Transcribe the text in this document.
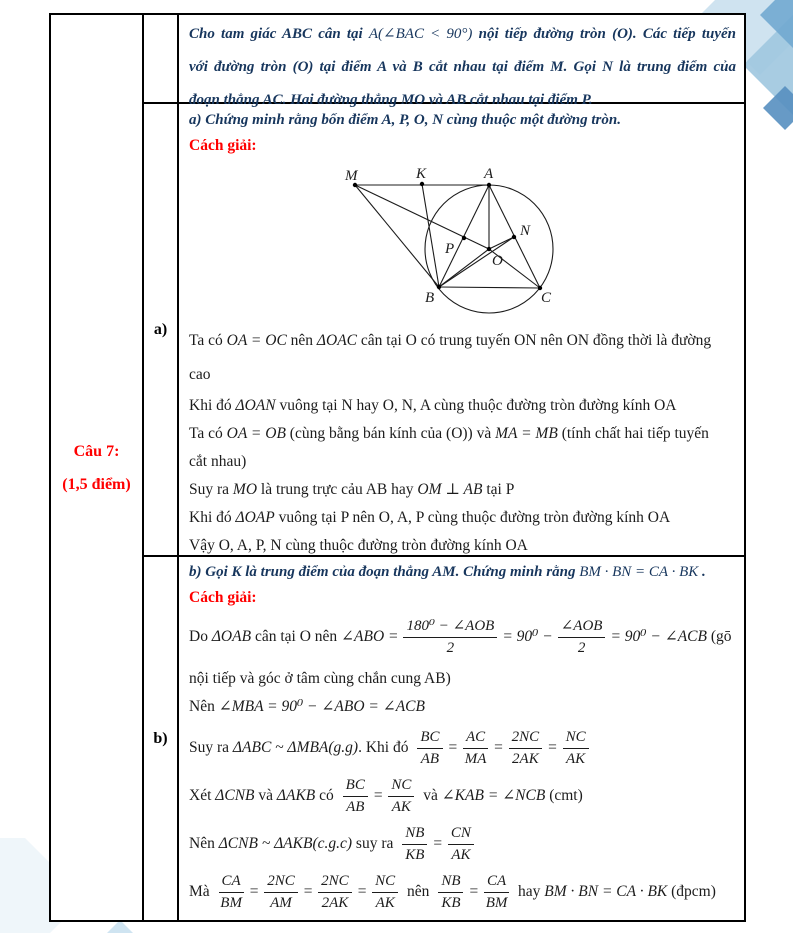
Câu 7:
(1,5 điểm)
Cho tam giác ABC cân tại A(∠BAC < 90°) nội tiếp đường tròn (O). Các tiếp tuyến
với đường tròn (O) tại điểm A và B cắt nhau tại điểm M. Gọi N là trung điểm của
đoạn thẳng AC. Hai đường thẳng MO và AB cắt nhau tại điểm P.
a)
a) Chứng minh rằng bốn điểm A, P, O, N cùng thuộc một đường tròn.
Cách giải:
M	K	A
N
P
O
B	C
Ta có OA = OC nên ΔOAC cân tại O có trung tuyến ON nên ON đồng thời là đường
cao
Khi đó ΔOAN vuông tại N hay O, N, A cùng thuộc đường tròn đường kính OA
Ta có OA = OB (cùng bằng bán kính của (O)) và MA = MB (tính chất hai tiếp tuyến
cắt nhau)
Suy ra MO là trung trực cảu AB hay OM ⊥ AB tại P
Khi đó ΔOAP vuông tại P nên O, A, P cùng thuộc đường tròn đường kính OA
Vậy O, A, P, N cùng thuộc đường tròn đường kính OA
b)
b) Gọi K là trung điểm của đoạn thẳng AM. Chứng minh rằng BM · BN = CA · BK .
Cách giải:
Do ΔOAB cân tại O nên ∠ABO = $\frac{\text{180⁰ − ∠AOB}}{2} = 90^0 - \frac{\text{∠AOB}}{2} = 90^0$ − ∠ACB (gō
nội tiếp và góc ở tâm cùng chắn cung AB)
Nên ∠MBA = 90⁰ − ∠ABO = ∠ACB
Suy ra ΔABC ~ ΔMBA(g.g). Khi đó $\frac{BC}{AB} = \frac{AC}{MA} = \frac{2NC}{2AK} = \frac{NC}{AK}$
Xét ΔCNB và ΔAKB có $\frac{BC}{AB} = \frac{NC}{AK}$ và ∠KAB = ∠NCB (cmt)
Nên ΔCNB ~ ΔAKB(c.g.c) suy ra $\frac{NB}{KB} = \frac{CN}{AK}$
Mà $\frac{CA}{BM} = \frac{2NC}{AM} = \frac{2NC}{2AK} = \frac{NC}{AK}$ nên $\frac{NB}{KB} = \frac{CA}{BM}$ hay BM · BN = CA · BK (đpcm)
